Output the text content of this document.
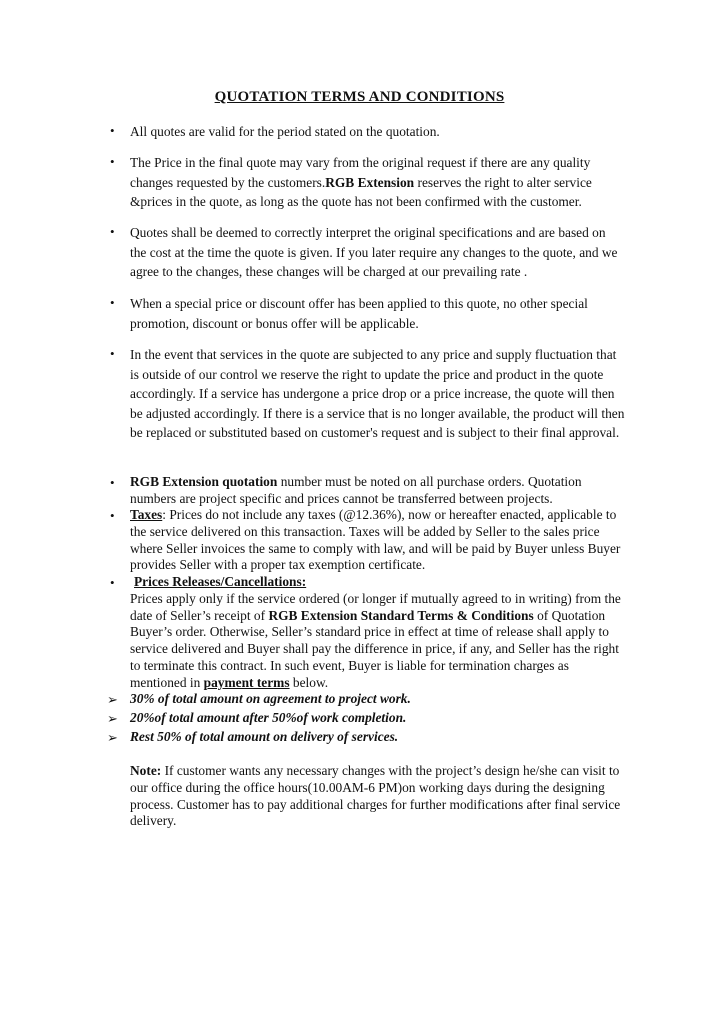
QUOTATION TERMS AND CONDITIONS
•	All quotes are valid for the period stated on the quotation.
•	The Price in the final quote may vary from the original request if there are any quality changes requested by the customers.RGB Extension reserves the right to alter service &prices in the quote, as long as the quote has not been confirmed with the customer.
•	Quotes shall be deemed to correctly interpret the original specifications and are based on the cost at the time the quote is given. If you later require any changes to the quote, and we agree to the changes, these changes will be charged at our prevailing rate .
•	When a special price or discount offer has been applied to this quote, no other special promotion, discount or bonus offer will be applicable.
•	In the event that services in the quote are subjected to any price and supply fluctuation that is outside of our control we reserve the right to update the price and product in the quote accordingly. If a service has undergone a price drop or a price increase, the quote will then be adjusted accordingly. If there is a service that is no longer available, the product will then be replaced or substituted based on customer's request and is subject to their final approval.
•	RGB Extension quotation number must be noted on all purchase orders. Quotation numbers are project specific and prices cannot be transferred between projects.
•	Taxes: Prices do not include any taxes (@12.36%), now or hereafter enacted, applicable to the service delivered on this transaction. Taxes will be added by Seller to the sales price where Seller invoices the same to comply with law, and will be paid by Buyer unless Buyer provides Seller with a proper tax exemption certificate.
•	Prices Releases/Cancellations:
Prices apply only if the service ordered (or longer if mutually agreed to in writing) from the date of Seller’s receipt of RGB Extension Standard Terms & Conditions of Quotation Buyer’s order. Otherwise, Seller’s standard price in effect at time of release shall apply to service delivered and Buyer shall pay the difference in price, if any, and Seller has the right to terminate this contract. In such event, Buyer is liable for termination charges as mentioned in payment terms below.
➢ 30% of total amount on agreement to project work.
➢ 20%of total amount after 50%of work completion.
➢ Rest 50% of total amount on delivery of services.
Note: If customer wants any necessary changes with the project’s design he/she can visit to our office during the office hours(10.00AM-6 PM)on working days during the designing process. Customer has to pay additional charges for further modifications after final service delivery.
